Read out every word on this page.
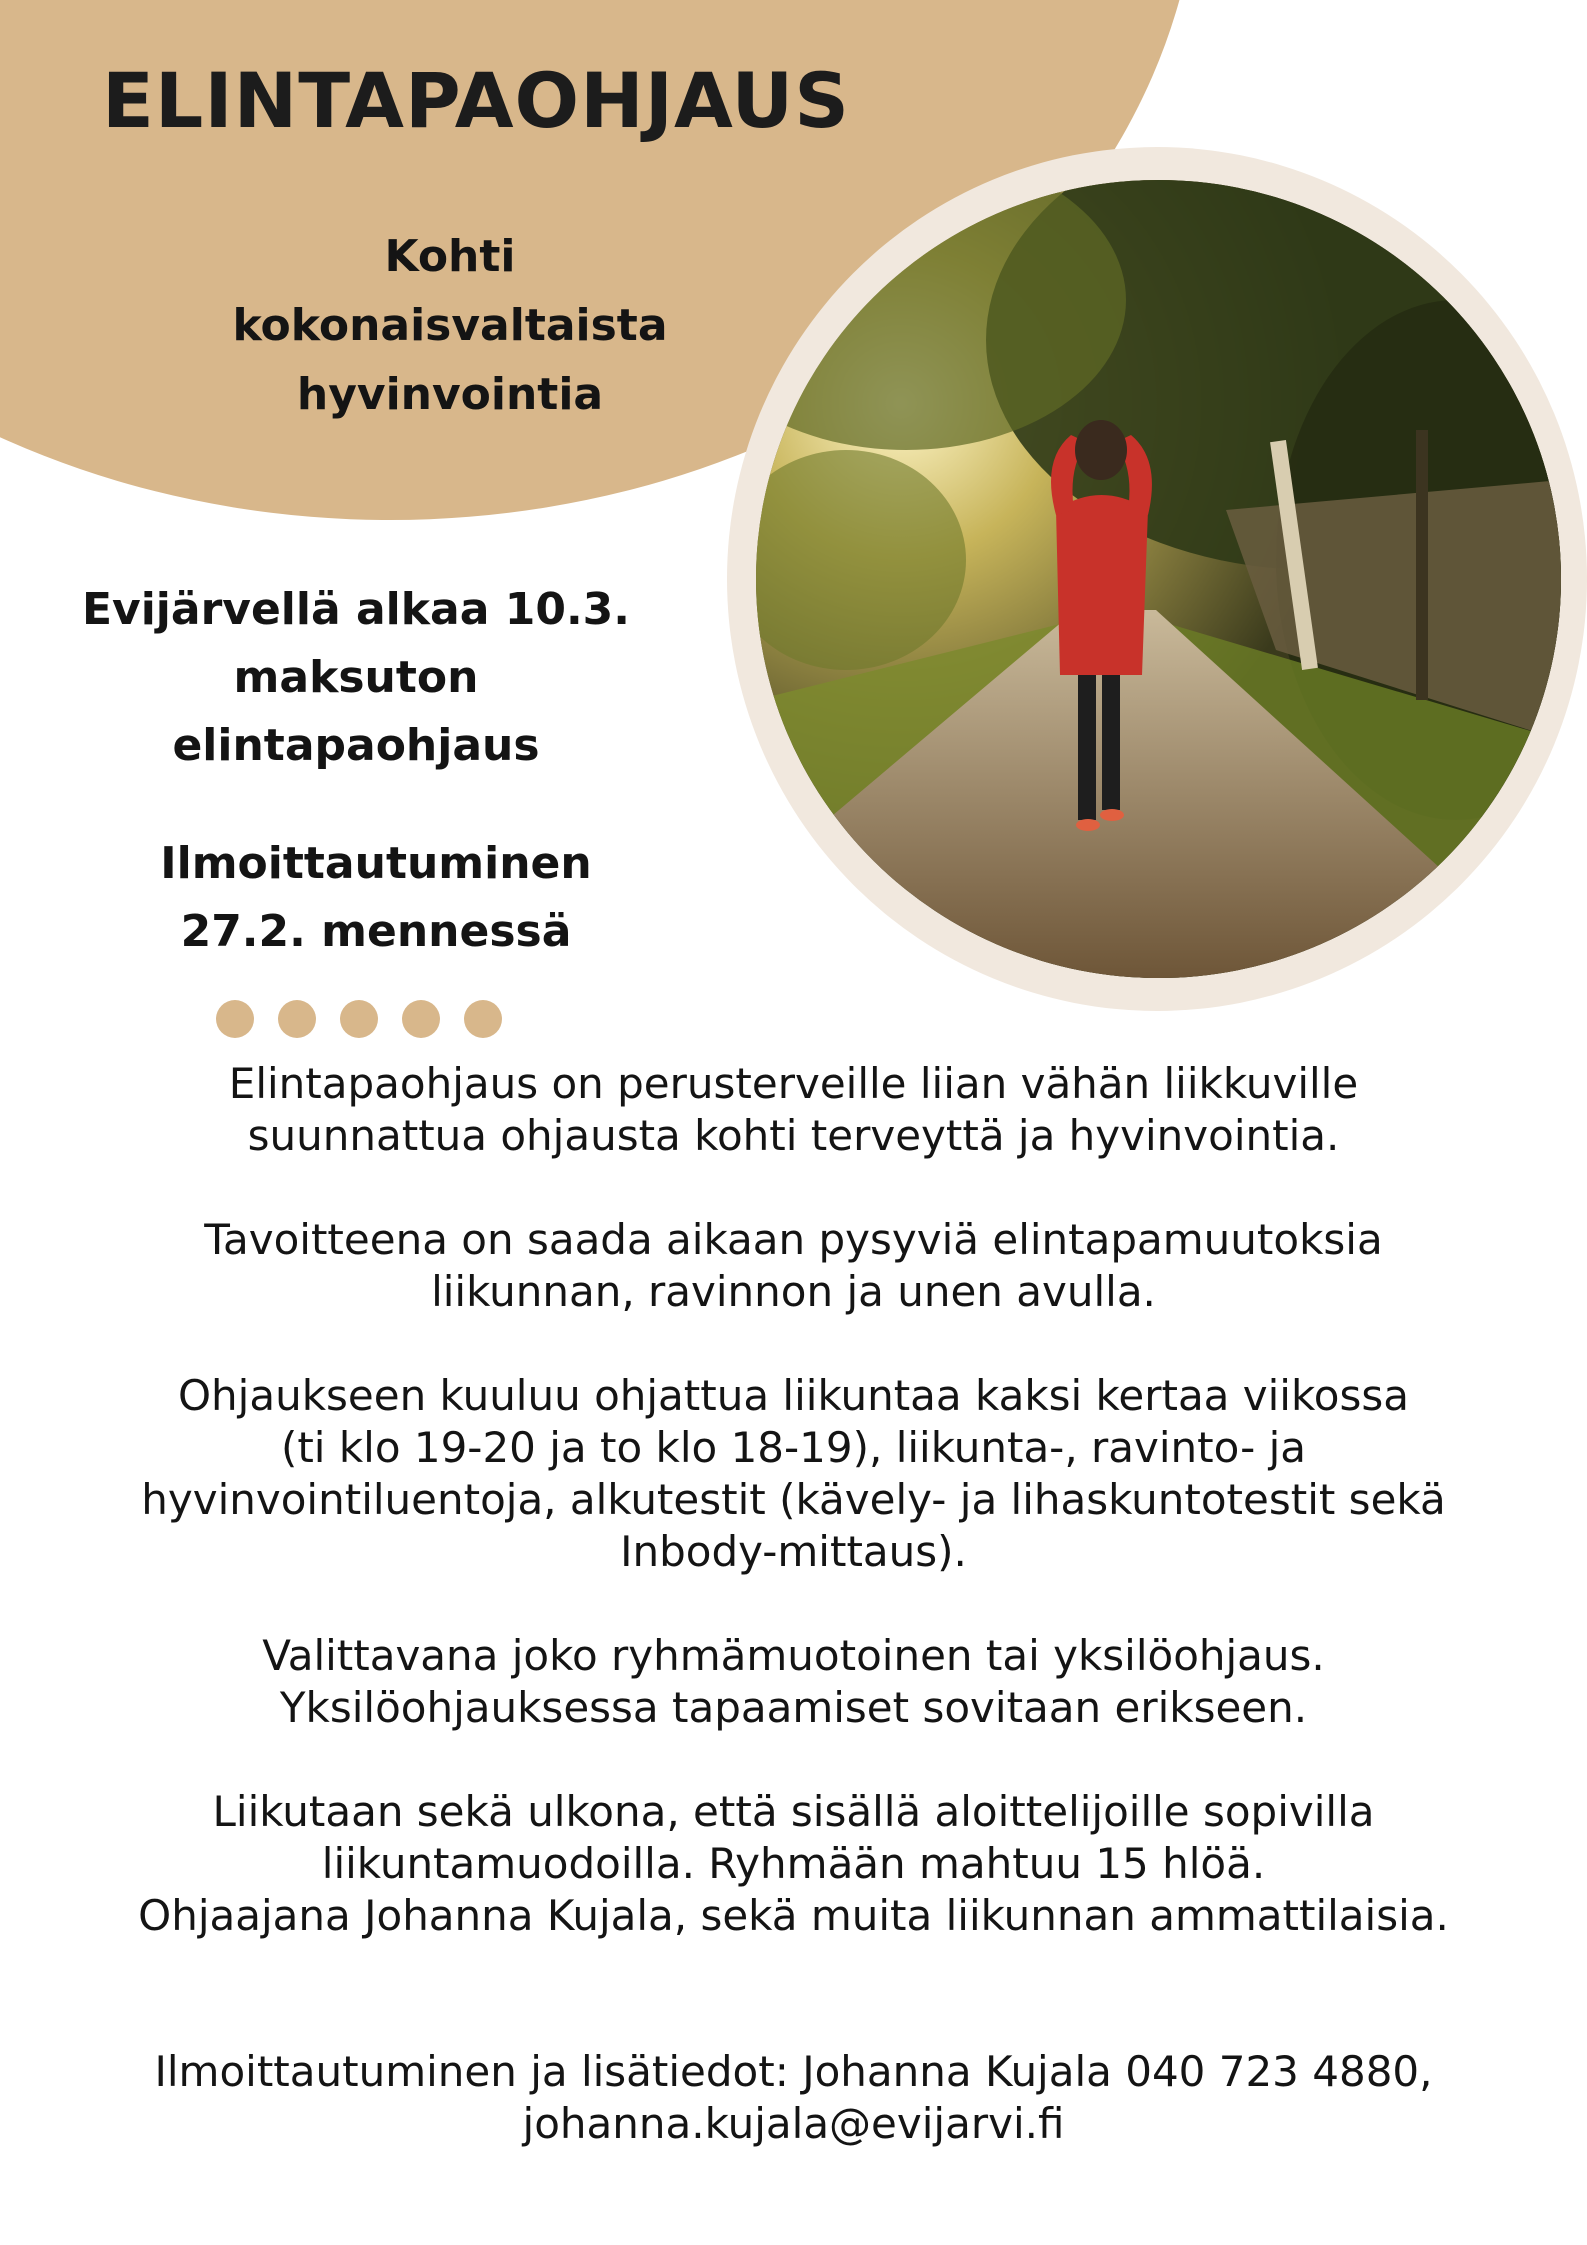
ELINTAPAOHJAUS
Kohti
kokonaisvaltaista
hyvinvointia
Evijärvellä alkaa 10.3.
maksuton
elintapaohjaus
Ilmoittautuminen
27.2. mennessä
Elintapaohjaus on perusterveille liian vähän liikkuville
suunnattua ohjausta kohti terveyttä ja hyvinvointia.
Tavoitteena on saada aikaan pysyviä elintapamuutoksia
liikunnan, ravinnon ja unen avulla.
Ohjaukseen kuuluu ohjattua liikuntaa kaksi kertaa viikossa
(ti klo 19-20 ja to klo 18-19), liikunta-, ravinto- ja
hyvinvointiluentoja, alkutestit (kävely- ja lihaskuntotestit sekä
Inbody-mittaus).
Valittavana joko ryhmämuotoinen tai yksilöohjaus.
Yksilöohjauksessa tapaamiset sovitaan erikseen.
Liikutaan sekä ulkona, että sisällä aloittelijoille sopivilla
liikuntamuodoilla. Ryhmään mahtuu 15 hlöä.
Ohjaajana Johanna Kujala, sekä muita liikunnan ammattilaisia.
Ilmoittautuminen ja lisätiedot: Johanna Kujala 040 723 4880,
johanna.kujala@evijarvi.fi
